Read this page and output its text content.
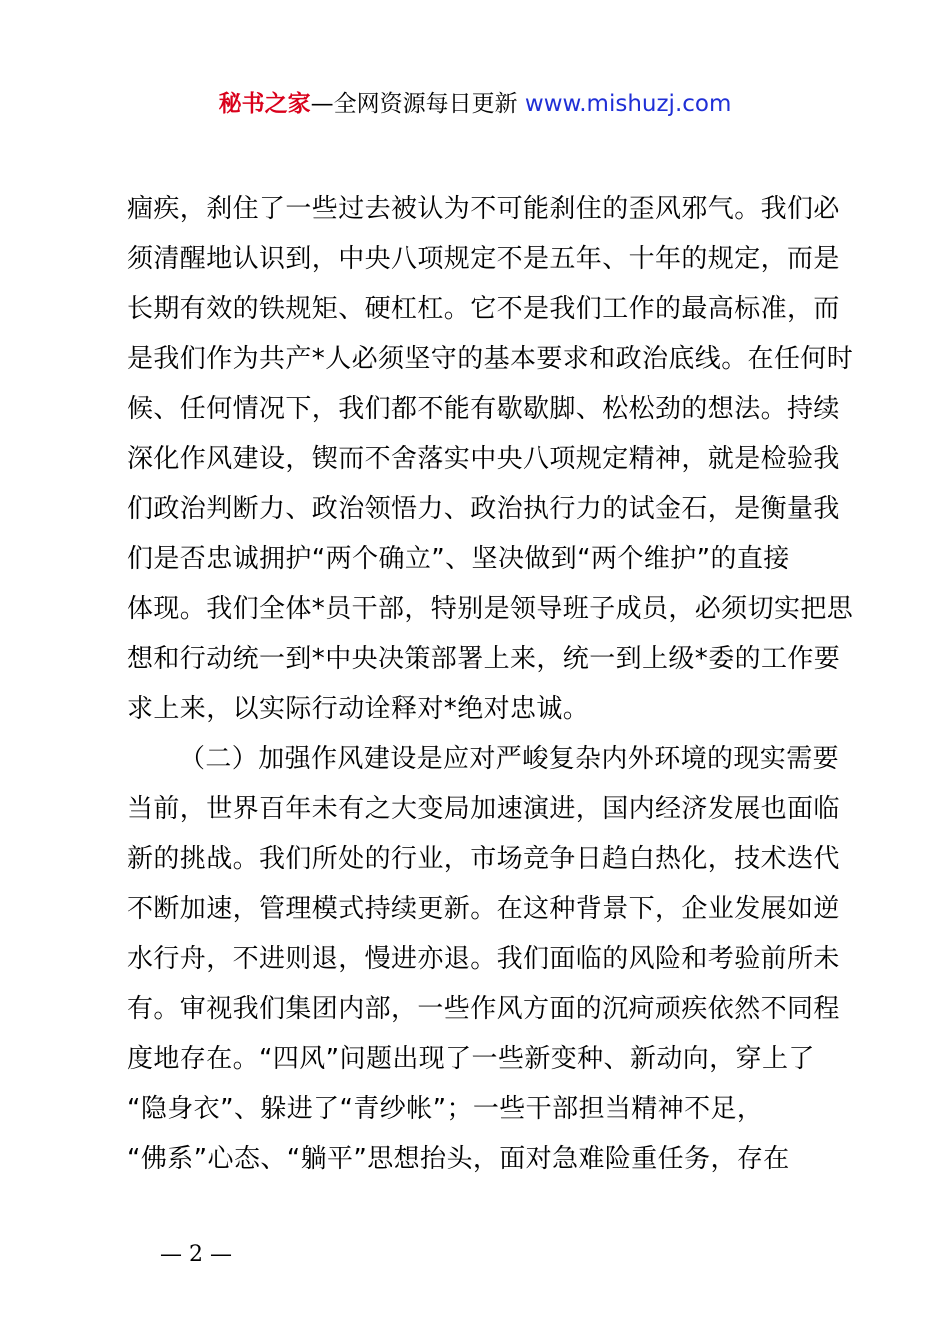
秘书之家—全网资源每日更新 www.mishuzj.com
痼疾，刹住了一些过去被认为不可能刹住的歪风邪气。我们必
须清醒地认识到，中央八项规定不是五年、十年的规定，而是
长期有效的铁规矩、硬杠杠。它不是我们工作的最高标准，而
是我们作为共产*人必须坚守的基本要求和政治底线。在任何时
候、任何情况下，我们都不能有歇歇脚、松松劲的想法。持续
深化作风建设，锲而不舍落实中央八项规定精神，就是检验我
们政治判断力、政治领悟力、政治执行力的试金石，是衡量我
们是否忠诚拥护“两个确立”、坚决做到“两个维护”的直接
体现。我们全体*员干部，特别是领导班子成员，必须切实把思
想和行动统一到*中央决策部署上来，统一到上级*委的工作要
求上来，以实际行动诠释对*绝对忠诚。
（二）加强作风建设是应对严峻复杂内外环境的现实需要
当前，世界百年未有之大变局加速演进，国内经济发展也面临
新的挑战。我们所处的行业，市场竞争日趋白热化，技术迭代
不断加速，管理模式持续更新。在这种背景下，企业发展如逆
水行舟，不进则退，慢进亦退。我们面临的风险和考验前所未
有。审视我们集团内部，一些作风方面的沉疴顽疾依然不同程
度地存在。“四风”问题出现了一些新变种、新动向，穿上了
“隐身衣”、躲进了“青纱帐”；一些干部担当精神不足，
“佛系”心态、“躺平”思想抬头，面对急难险重任务，存在
— 2 —
